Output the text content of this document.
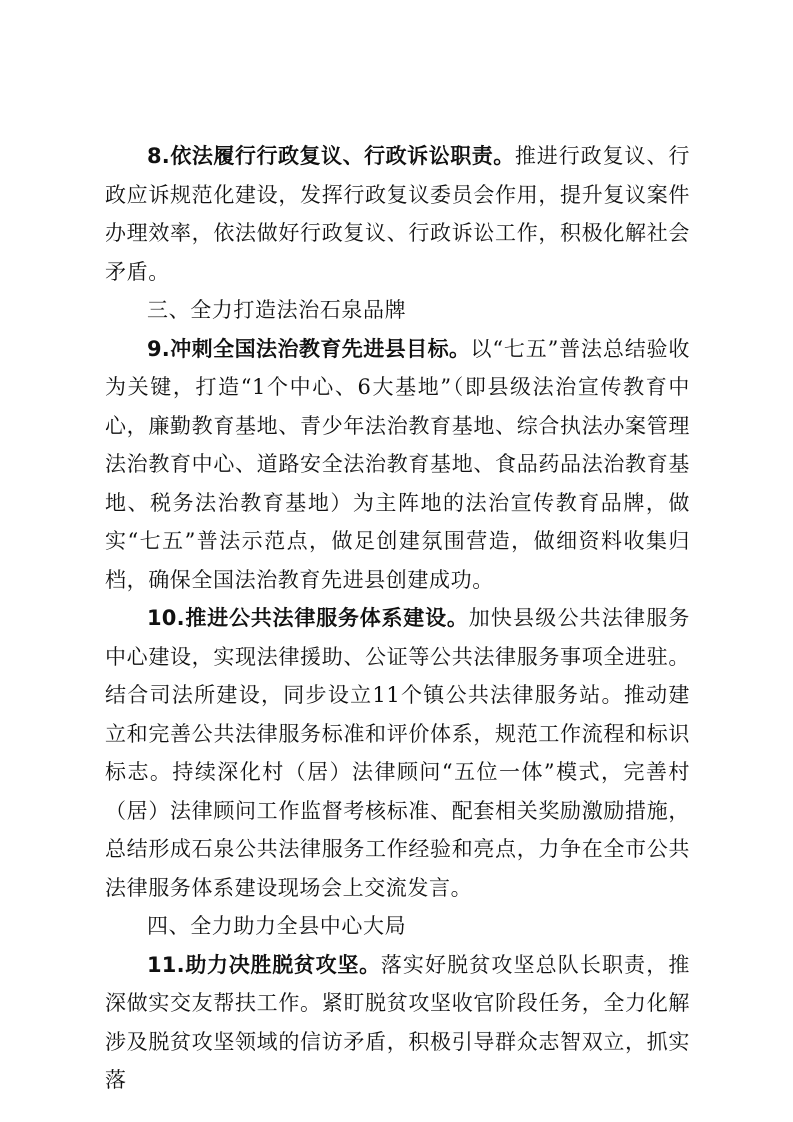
8.依法履行行政复议、行政诉讼职责。推进行政复议、行政应诉规范化建设，发挥行政复议委员会作用，提升复议案件办理效率，依法做好行政复议、行政诉讼工作，积极化解社会矛盾。

三、全力打造法治石泉品牌

9.冲刺全国法治教育先进县目标。以“七五”普法总结验收为关键，打造“1个中心、6大基地”（即县级法治宣传教育中心，廉勤教育基地、青少年法治教育基地、综合执法办案管理法治教育中心、道路安全法治教育基地、食品药品法治教育基地、税务法治教育基地）为主阵地的法治宣传教育品牌，做实“七五”普法示范点，做足创建氛围营造，做细资料收集归档，确保全国法治教育先进县创建成功。

10.推进公共法律服务体系建设。加快县级公共法律服务中心建设，实现法律援助、公证等公共法律服务事项全进驻。结合司法所建设，同步设立11个镇公共法律服务站。推动建立和完善公共法律服务标准和评价体系，规范工作流程和标识标志。持续深化村（居）法律顾问“五位一体”模式，完善村（居）法律顾问工作监督考核标准、配套相关奖励激励措施，总结形成石泉公共法律服务工作经验和亮点，力争在全市公共法律服务体系建设现场会上交流发言。

四、全力助力全县中心大局

11.助力决胜脱贫攻坚。落实好脱贫攻坚总队长职责，推深做实交友帮扶工作。紧盯脱贫攻坚收官阶段任务，全力化解涉及脱贫攻坚领域的信访矛盾，积极引导群众志智双立，抓实落
